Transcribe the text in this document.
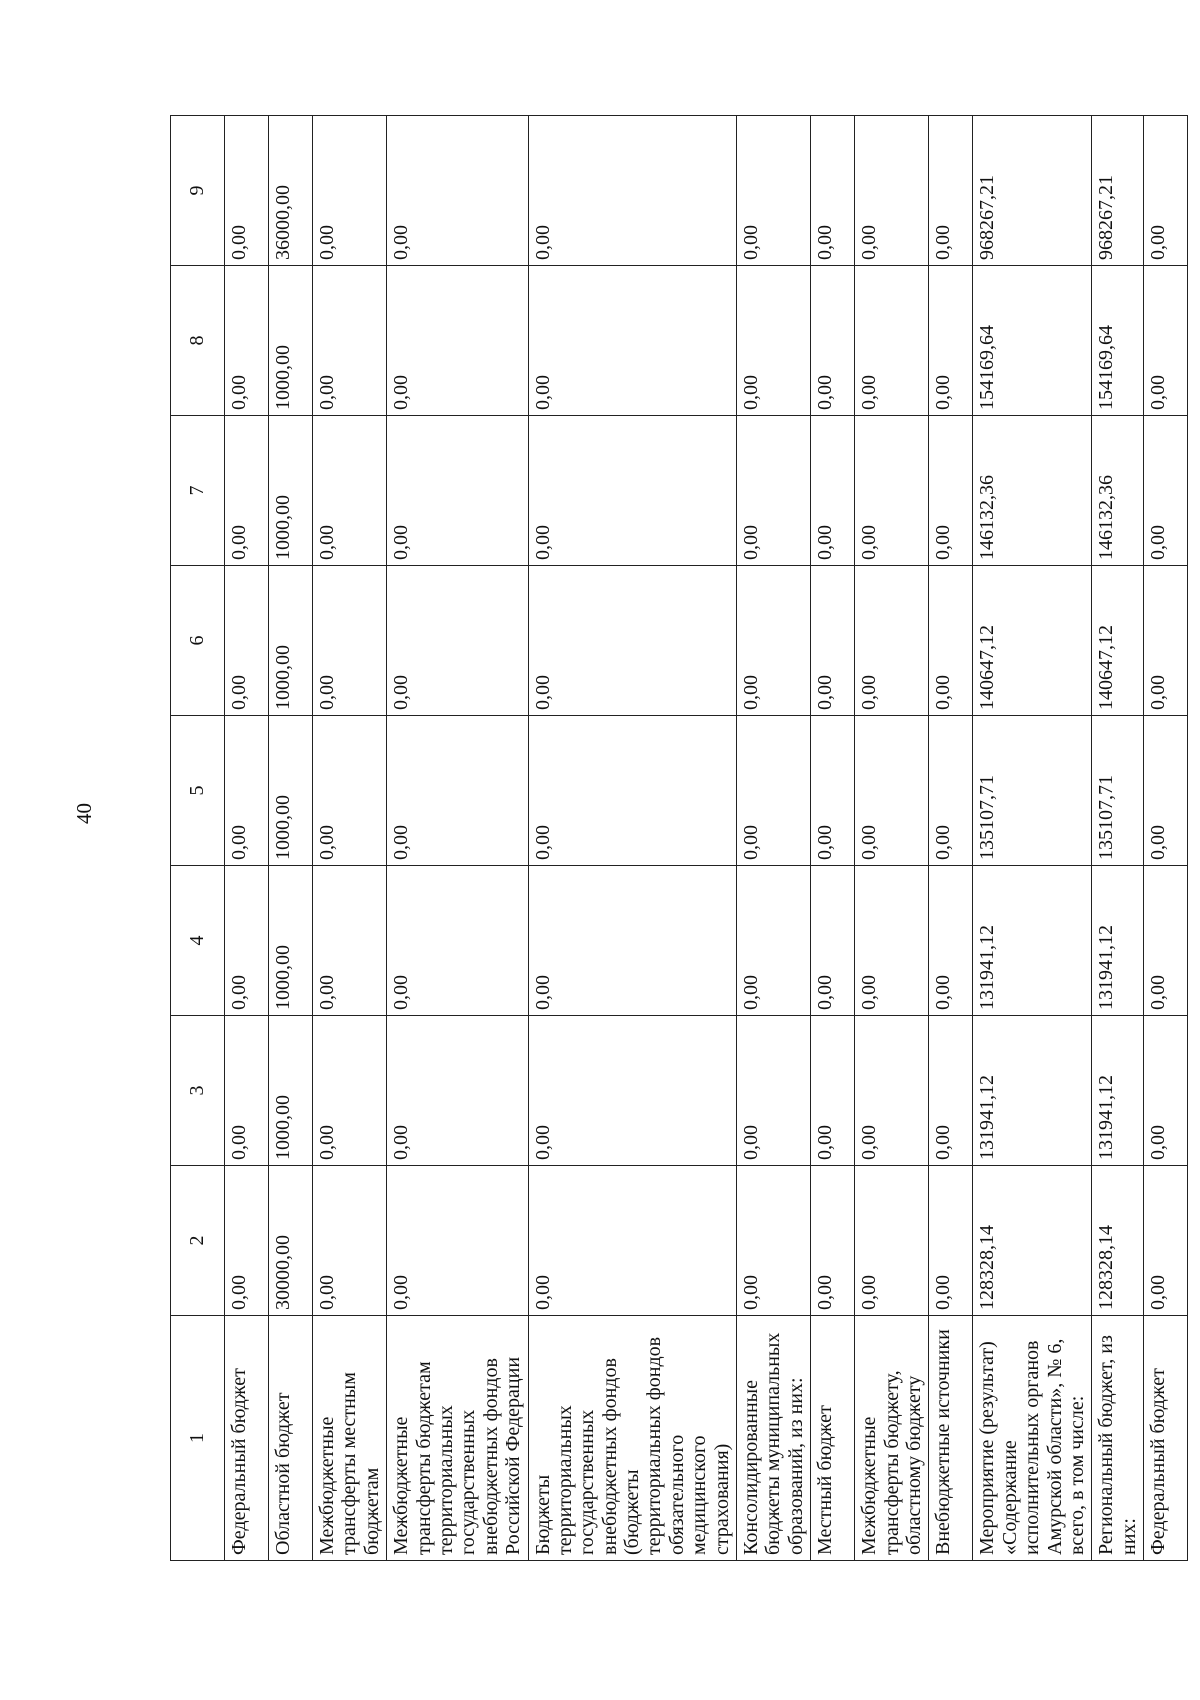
40
1	2	3	4	5	6	7	8	9
Федеральный бюджет	0,00	0,00	0,00	0,00	0,00	0,00	0,00	0,00
Областной бюджет	30000,00	1000,00	1000,00	1000,00	1000,00	1000,00	1000,00	36000,00
Межбюджетные трансферты местным бюджетам	0,00	0,00	0,00	0,00	0,00	0,00	0,00	0,00
Межбюджетные трансферты бюджетам территориальных государственных внебюджетных фондов Российской Федерации	0,00	0,00	0,00	0,00	0,00	0,00	0,00	0,00
Бюджеты территориальных государственных внебюджетных фондов (бюджеты территориальных фондов обязательного медицинского страхования)	0,00	0,00	0,00	0,00	0,00	0,00	0,00	0,00
Консолидированные бюджеты муниципальных образований, из них:	0,00	0,00	0,00	0,00	0,00	0,00	0,00	0,00
Местный бюджет	0,00	0,00	0,00	0,00	0,00	0,00	0,00	0,00
Межбюджетные трансферты бюджету, областному бюджету	0,00	0,00	0,00	0,00	0,00	0,00	0,00	0,00
Внебюджетные источники	0,00	0,00	0,00	0,00	0,00	0,00	0,00	0,00
Мероприятие (результат) «Содержание исполнительных органов Амурской области», № 6, всего, в том числе:	128328,14	131941,12	131941,12	135107,71	140647,12	146132,36	154169,64	968267,21
Региональный бюджет, из них:	128328,14	131941,12	131941,12	135107,71	140647,12	146132,36	154169,64	968267,21
Федеральный бюджет	0,00	0,00	0,00	0,00	0,00	0,00	0,00	0,00
